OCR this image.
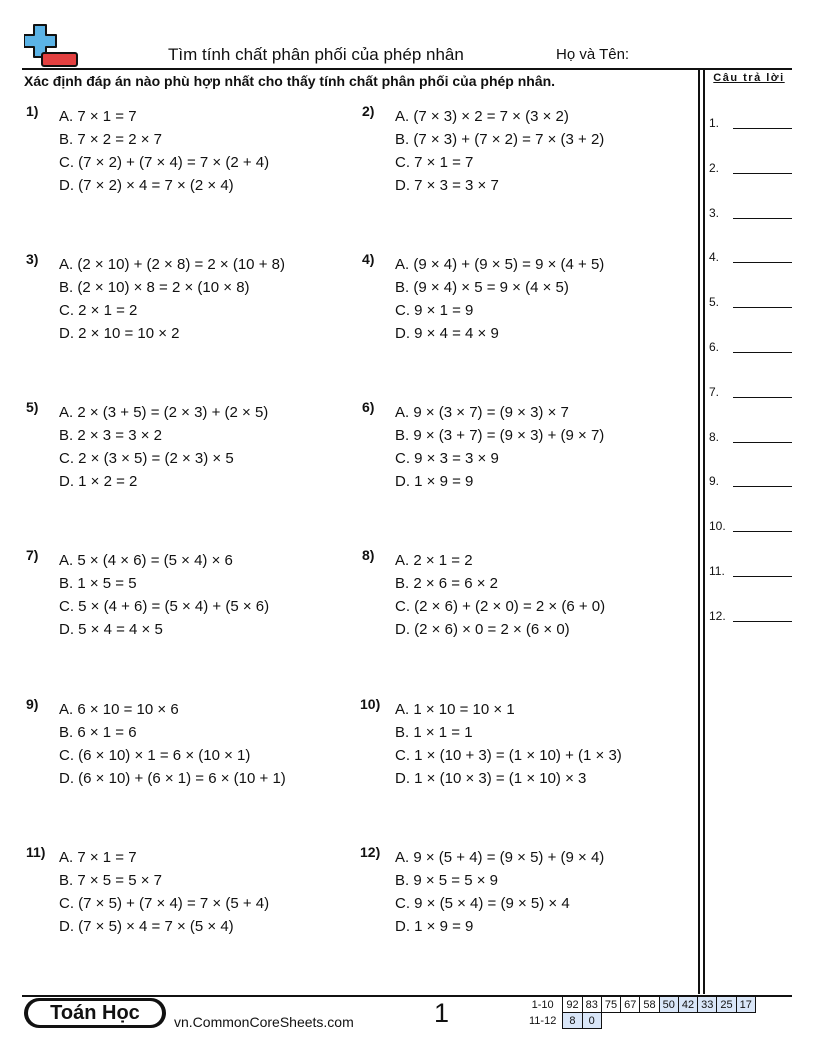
Tìm tính chất phân phối của phép nhân	Họ và Tên:
Xác định đáp án nào phù hợp nhất cho thấy tính chất phân phối của phép nhân.	Câu trả lời
1.
2.
3.
4.
5.
6.
7.
8.
9.
10.
11.
12.
1) A. 7 × 1 = 7
B. 7 × 2 = 2 × 7
C. (7 × 2) + (7 × 4) = 7 × (2 + 4)
D. (7 × 2) × 4 = 7 × (2 × 4)
2) A. (7 × 3) × 2 = 7 × (3 × 2)
B. (7 × 3) + (7 × 2) = 7 × (3 + 2)
C. 7 × 1 = 7
D. 7 × 3 = 3 × 7
3) A. (2 × 10) + (2 × 8) = 2 × (10 + 8)
B. (2 × 10) × 8 = 2 × (10 × 8)
C. 2 × 1 = 2
D. 2 × 10 = 10 × 2
4) A. (9 × 4) + (9 × 5) = 9 × (4 + 5)
B. (9 × 4) × 5 = 9 × (4 × 5)
C. 9 × 1 = 9
D. 9 × 4 = 4 × 9
5) A. 2 × (3 + 5) = (2 × 3) + (2 × 5)
B. 2 × 3 = 3 × 2
C. 2 × (3 × 5) = (2 × 3) × 5
D. 1 × 2 = 2
6) A. 9 × (3 × 7) = (9 × 3) × 7
B. 9 × (3 + 7) = (9 × 3) + (9 × 7)
C. 9 × 3 = 3 × 9
D. 1 × 9 = 9
7) A. 5 × (4 × 6) = (5 × 4) × 6
B. 1 × 5 = 5
C. 5 × (4 + 6) = (5 × 4) + (5 × 6)
D. 5 × 4 = 4 × 5
8) A. 2 × 1 = 2
B. 2 × 6 = 6 × 2
C. (2 × 6) + (2 × 0) = 2 × (6 + 0)
D. (2 × 6) × 0 = 2 × (6 × 0)
9) A. 6 × 10 = 10 × 6
B. 6 × 1 = 6
C. (6 × 10) × 1 = 6 × (10 × 1)
D. (6 × 10) + (6 × 1) = 6 × (10 + 1)
10) A. 1 × 10 = 10 × 1
B. 1 × 1 = 1
C. 1 × (10 + 3) = (1 × 10) + (1 × 3)
D. 1 × (10 × 3) = (1 × 10) × 3
11) A. 7 × 1 = 7
B. 7 × 5 = 5 × 7
C. (7 × 5) + (7 × 4) = 7 × (5 + 4)
D. (7 × 5) × 4 = 7 × (5 × 4)
12) A. 9 × (5 + 4) = (9 × 5) + (9 × 4)
B. 9 × 5 = 5 × 9
C. 9 × (5 × 4) = (9 × 5) × 4
D. 1 × 9 = 9
Toán Học	vn.CommonCoreSheets.com	1	1-10	92	83	75	67	58	50	42	33	25	17
11-12	8	0								
